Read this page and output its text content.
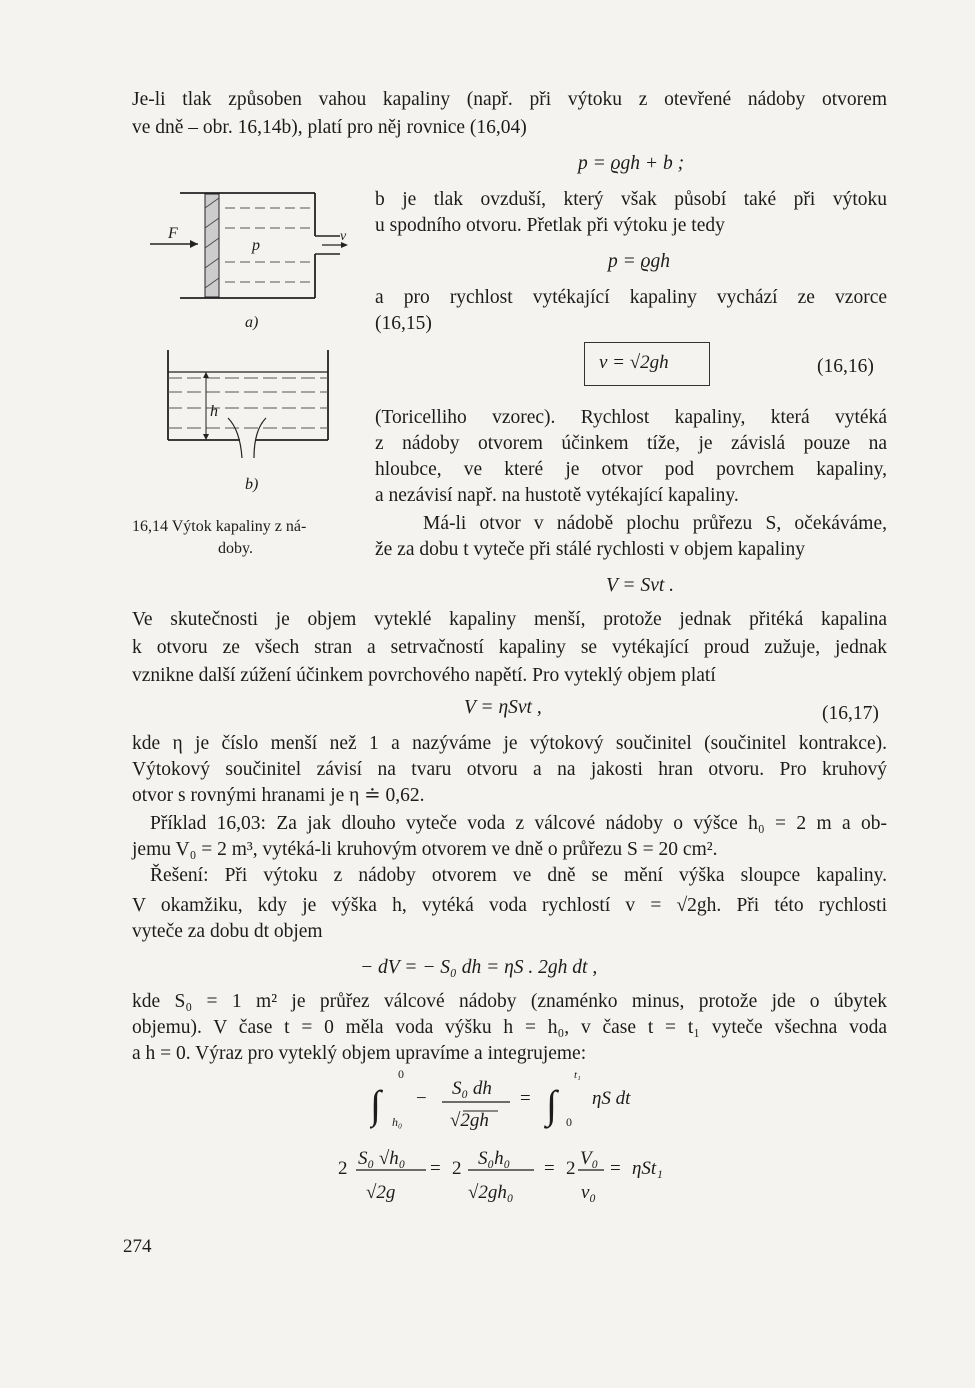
Je-li tlak způsoben vahou kapaliny (např. při výtoku z otevřené nádoby otvorem
ve dně – obr. 16,14b), platí pro něj rovnice (16,04)
p = ϱgh + b ;
b je tlak ovzduší, který však působí také při výtoku
u spodního otvoru. Přetlak při výtoku je tedy
p = ϱgh
a pro rychlost vytékající kapaliny vychází ze vzorce
(16,15)
v = √2gh	(16,16)
(Toricelliho vzorec). Rychlost kapaliny, která vytéká
z nádoby otvorem účinkem tíže, je závislá pouze na
hloubce, ve které je otvor pod povrchem kapaliny,
a nezávisí např. na hustotě vytékající kapaliny.
Má-li otvor v nádobě plochu průřezu S, očekáváme,
že za dobu t vyteče při stálé rychlosti v objem kapaliny
V = Svt .
Ve skutečnosti je objem vyteklé kapaliny menší, protože jednak přitéká kapalina
k otvoru ze všech stran a setrvačností kapaliny se vytékající proud zužuje, jednak
vznikne další zúžení účinkem povrchového napětí. Pro vyteklý objem platí
V = ηSvt ,	(16,17)
kde η je číslo menší než 1 a nazýváme je výtokový součinitel (součinitel kontrakce).
Výtokový součinitel závisí na tvaru otvoru a na jakosti hran otvoru. Pro kruhový
otvor s rovnými hranami je η ≐ 0,62.
Příklad 16,03: Za jak dlouho vyteče voda z válcové nádoby o výšce h₀ = 2 m a ob-
jemu V₀ = 2 m³, vytéká-li kruhovým otvorem ve dně o průřezu S = 20 cm².
Řešení: Při výtoku z nádoby otvorem ve dně se mění výška sloupce kapaliny.
V okamžiku, kdy je výška h, vytéká voda rychlostí v = √2gh. Při této rychlosti
vyteče za dobu dt objem
− dV = − S₀ dh = ηS . 2gh dt ,
kde S₀ = 1 m² je průřez válcové nádoby (znaménko minus, protože jde o úbytek
objemu). V čase t = 0 měla voda výšku h = h₀, v čase t = t₁ vyteče všechna voda
a h = 0. Výraz pro vyteklý objem upravíme a integrujeme:
∫
0
h₀
− S₀ dh
√2gh
= ∫
t₁
0
ηS dt
2 S₀ √h₀
√2g
= 2 S₀h₀
√2gh₀
= 2 V₀
v₀
= ηSt₁
F
p
v
a)
h
b)
16,14 Výtok kapaliny z ná-
doby.
274
